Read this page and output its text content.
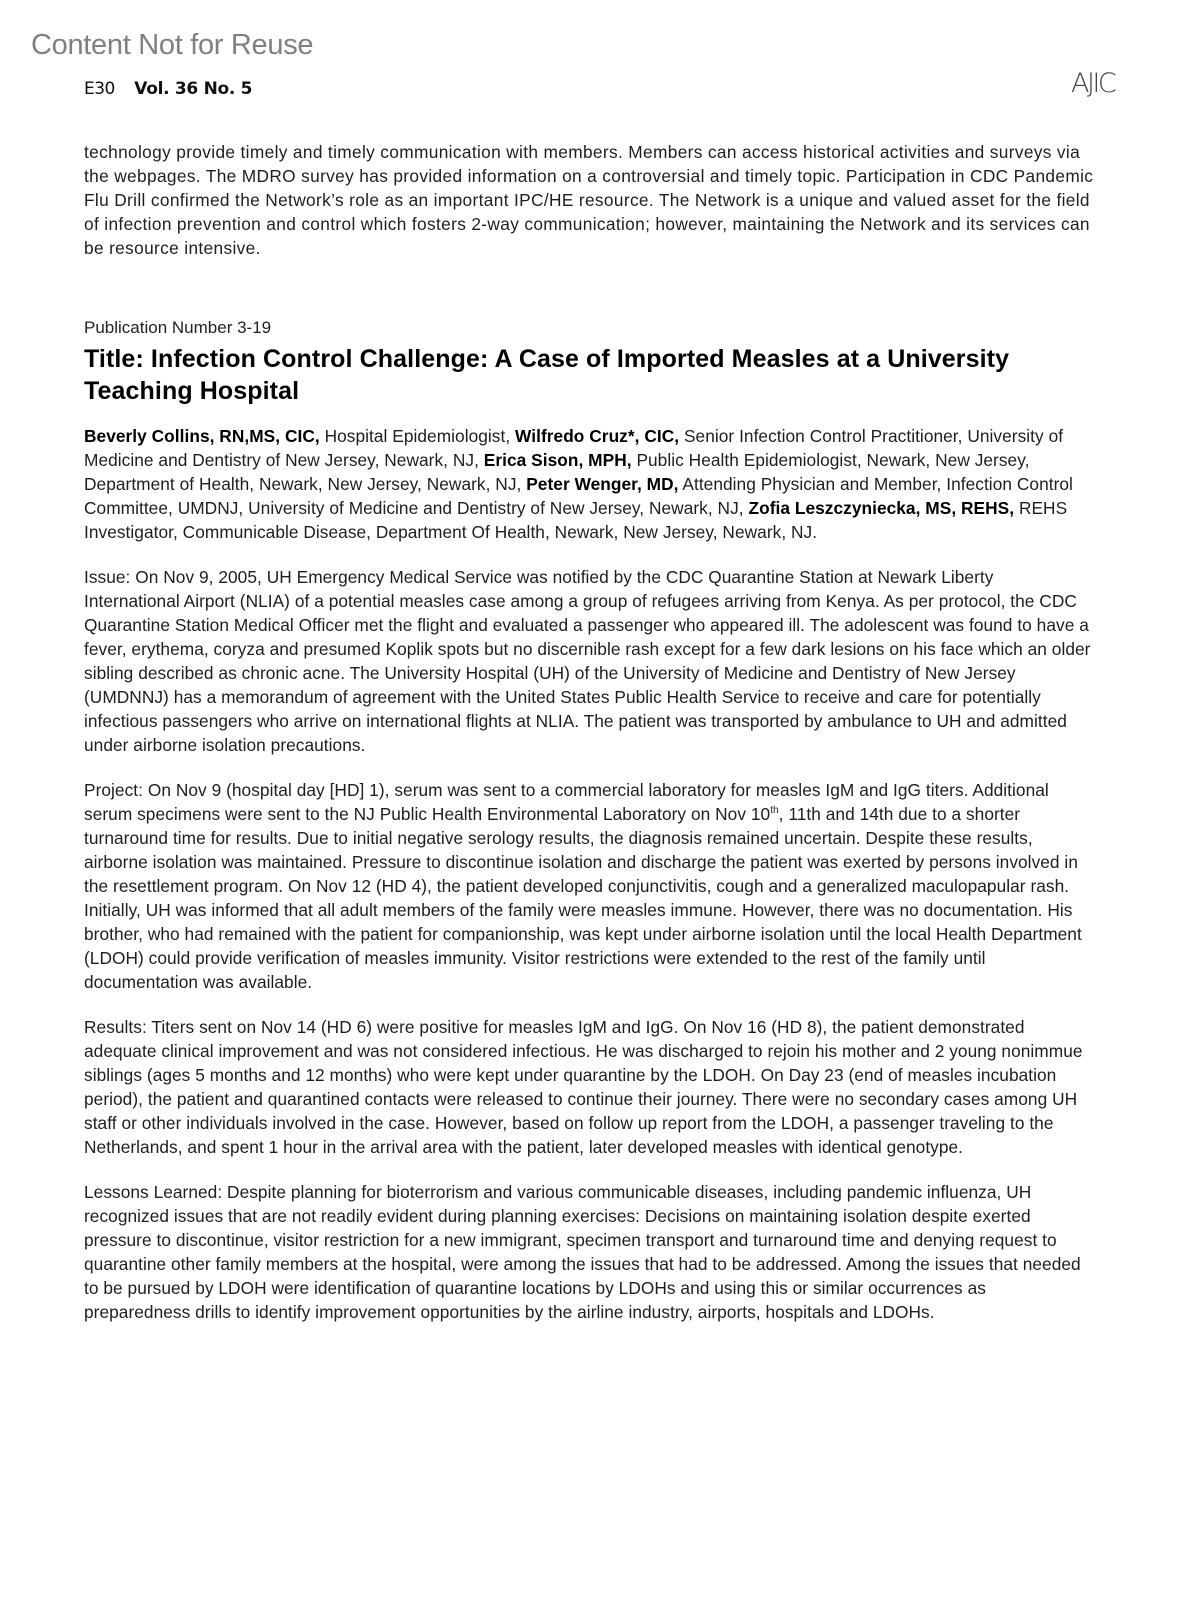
Content Not for Reuse
E30 Vol. 36 No. 5	AJIC

technology provide timely and timely communication with members. Members can access historical activities and surveys via the webpages. The MDRO survey has provided information on a controversial and timely topic. Participation in CDC Pandemic Flu Drill confirmed the Network’s role as an important IPC/HE resource. The Network is a unique and valued asset for the field of infection prevention and control which fosters 2-way communication; however, maintaining the Network and its services can be resource intensive.

Publication Number 3-19
Title: Infection Control Challenge: A Case of Imported Measles at a University Teaching Hospital

Beverly Collins, RN,MS, CIC, Hospital Epidemiologist, Wilfredo Cruz*, CIC, Senior Infection Control Practitioner, University of Medicine and Dentistry of New Jersey, Newark, NJ, Erica Sison, MPH, Public Health Epidemiologist, Newark, New Jersey, Department of Health, Newark, New Jersey, Newark, NJ, Peter Wenger, MD, Attending Physician and Member, Infection Control Committee, UMDNJ, University of Medicine and Dentistry of New Jersey, Newark, NJ, Zofia Leszczyniecka, MS, REHS, REHS Investigator, Communicable Disease, Department Of Health, Newark, New Jersey, Newark, NJ.

Issue: On Nov 9, 2005, UH Emergency Medical Service was notified by the CDC Quarantine Station at Newark Liberty International Airport (NLIA) of a potential measles case among a group of refugees arriving from Kenya. As per protocol, the CDC Quarantine Station Medical Officer met the flight and evaluated a passenger who appeared ill. The adolescent was found to have a fever, erythema, coryza and presumed Koplik spots but no discernible rash except for a few dark lesions on his face which an older sibling described as chronic acne. The University Hospital (UH) of the University of Medicine and Dentistry of New Jersey (UMDNNJ) has a memorandum of agreement with the United States Public Health Service to receive and care for potentially infectious passengers who arrive on international flights at NLIA. The patient was transported by ambulance to UH and admitted under airborne isolation precautions.

Project: On Nov 9 (hospital day [HD] 1), serum was sent to a commercial laboratory for measles IgM and IgG titers. Additional serum specimens were sent to the NJ Public Health Environmental Laboratory on Nov 10th, 11th and 14th due to a shorter turnaround time for results. Due to initial negative serology results, the diagnosis remained uncertain. Despite these results, airborne isolation was maintained. Pressure to discontinue isolation and discharge the patient was exerted by persons involved in the resettlement program. On Nov 12 (HD 4), the patient developed conjunctivitis, cough and a generalized maculopapular rash. Initially, UH was informed that all adult members of the family were measles immune. However, there was no documentation. His brother, who had remained with the patient for companionship, was kept under airborne isolation until the local Health Department (LDOH) could provide verification of measles immunity. Visitor restrictions were extended to the rest of the family until documentation was available.

Results: Titers sent on Nov 14 (HD 6) were positive for measles IgM and IgG. On Nov 16 (HD 8), the patient demonstrated adequate clinical improvement and was not considered infectious. He was discharged to rejoin his mother and 2 young nonimmue siblings (ages 5 months and 12 months) who were kept under quarantine by the LDOH. On Day 23 (end of measles incubation period), the patient and quarantined contacts were released to continue their journey. There were no secondary cases among UH staff or other individuals involved in the case. However, based on follow up report from the LDOH, a passenger traveling to the Netherlands, and spent 1 hour in the arrival area with the patient, later developed measles with identical genotype.

Lessons Learned: Despite planning for bioterrorism and various communicable diseases, including pandemic influenza, UH recognized issues that are not readily evident during planning exercises: Decisions on maintaining isolation despite exerted pressure to discontinue, visitor restriction for a new immigrant, specimen transport and turnaround time and denying request to quarantine other family members at the hospital, were among the issues that had to be addressed. Among the issues that needed to be pursued by LDOH were identification of quarantine locations by LDOHs and using this or similar occurrences as preparedness drills to identify improvement opportunities by the airline industry, airports, hospitals and LDOHs.
